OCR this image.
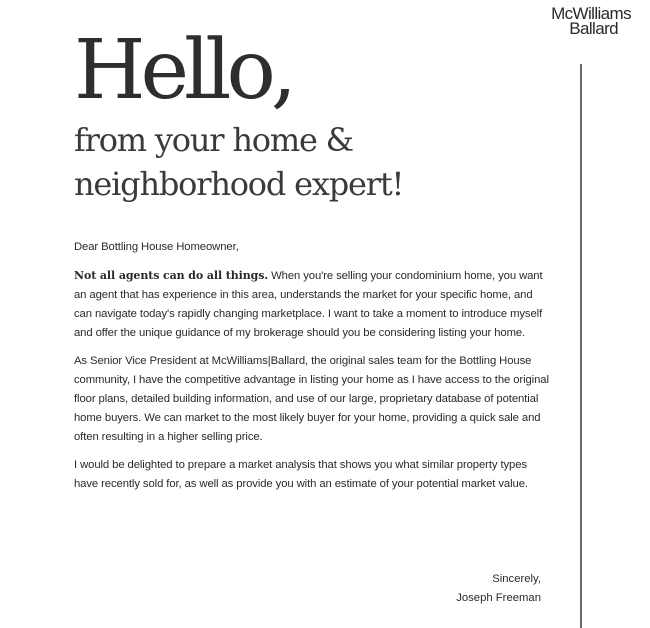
McWilliams

Ballard
Hello,
from your home &
neighborhood expert!

Dear Bottling House Homeowner,

Not all agents can do all things. When you're selling your condominium home, you want an agent that has experience in this area, understands the market for your specific home, and can navigate today's rapidly changing marketplace. I want to take a moment to introduce myself and offer the unique guidance of my brokerage should you be considering listing your home.

As Senior Vice President at McWilliams|Ballard, the original sales team for the Bottling House community, I have the competitive advantage in listing your home as I have access to the original floor plans, detailed building information, and use of our large, proprietary database of potential home buyers. We can market to the most likely buyer for your home, providing a quick sale and often resulting in a higher selling price.

I would be delighted to prepare a market analysis that shows you what similar property types have recently sold for, as well as provide you with an estimate of your potential market value.

Sincerely,
Joseph Freeman
